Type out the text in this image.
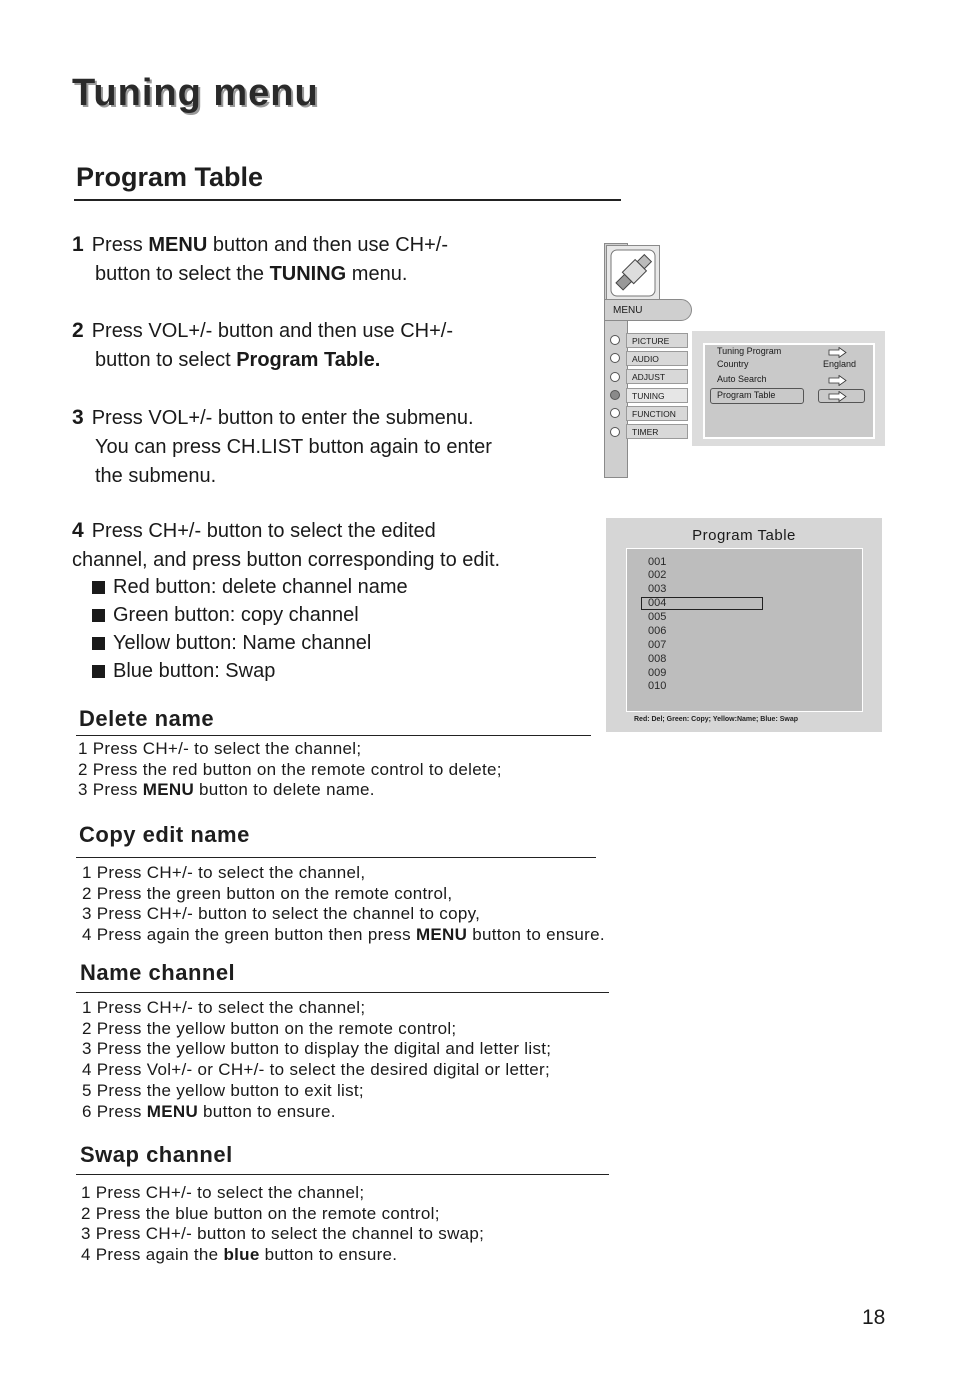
Tuning menu
Program Table
1 Press MENU button and then use CH+/-
button to select the TUNING menu.
2 Press VOL+/- button and then use CH+/-
button to select Program Table.
3 Press VOL+/- button to enter the submenu.
You can press CH.LIST button again to enter
the submenu.
4 Press CH+/- button to select the edited
channel, and press button corresponding to edit.
Red button: delete channel name
Green button: copy channel
Yellow button: Name channel
Blue button: Swap
Delete name
1 Press CH+/- to select the channel;
2 Press the red button on the remote control to delete;
3 Press MENU button to delete name.
Copy edit name
1 Press CH+/- to select the channel,
2 Press the green button on the remote control,
3 Press CH+/- button to select the channel to copy,
4 Press again the green button then press MENU button to ensure.
Name channel
1 Press CH+/- to select the channel;
2 Press the yellow button on the remote control;
3 Press the yellow button to display the digital and letter list;
4 Press Vol+/- or CH+/- to select the desired digital or letter;
5 Press the yellow button to exit list;
6 Press MENU button to ensure.
Swap channel
1 Press CH+/- to select the channel;
2 Press the blue button on the remote control;
3 Press CH+/- button to select the channel to swap;
4 Press again the blue button to ensure.
MENU
PICTURE
AUDIO
ADJUST
TUNING
FUNCTION
TIMER
Tuning Program
Country	England
Auto Search
Program Table
Program Table
001
002
003
004
005
006
007
008
009
010
Red: Del; Green: Copy; Yellow:Name; Blue: Swap
18
